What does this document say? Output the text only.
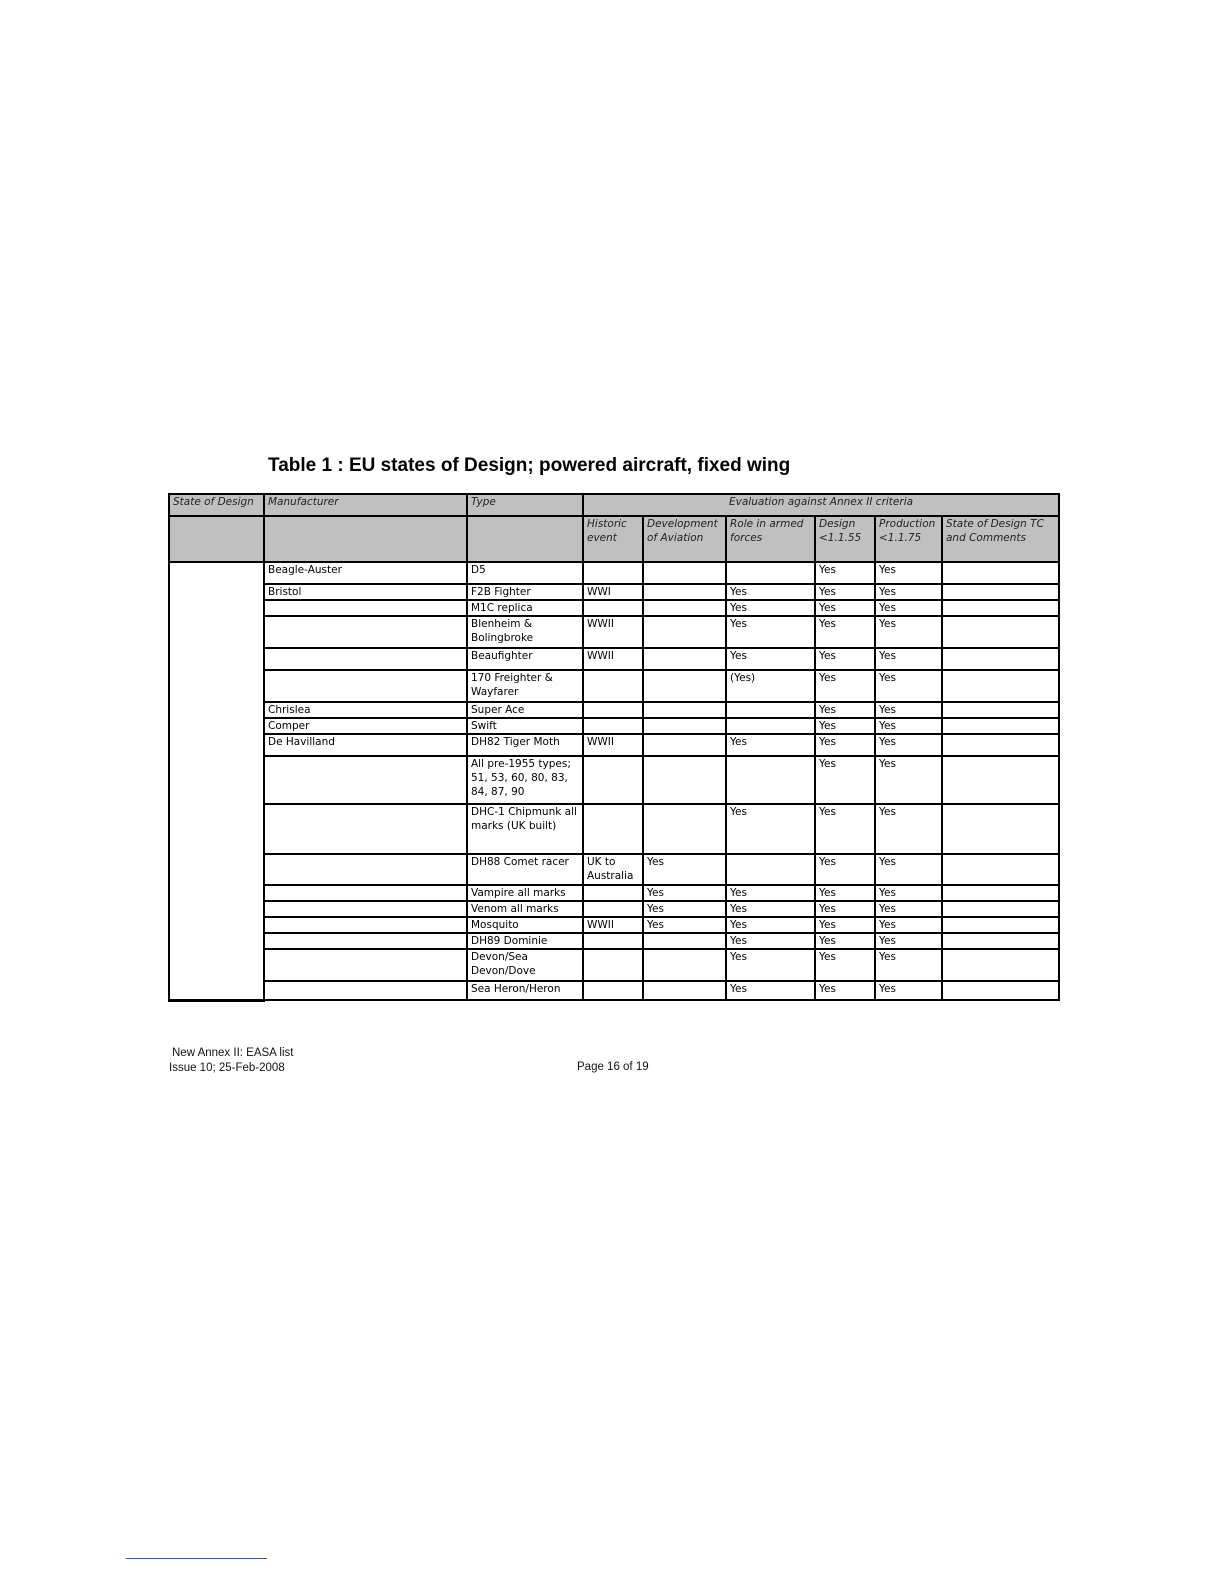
Table 1 : EU states of Design; powered aircraft, fixed wing
State of Design	Manufacturer	Type	Evaluation against Annex II criteria					
			Historic event	Development of Aviation	Role in armed forces	Design <1.1.55	Production <1.1.75	State of Design TC and Comments
	Beagle-Auster	D5				Yes	Yes	
	Bristol	F2B Fighter	WWI		Yes	Yes	Yes	
		M1C replica			Yes	Yes	Yes	
		Blenheim & Bolingbroke	WWII		Yes	Yes	Yes	
		Beaufighter	WWII		Yes	Yes	Yes	
		170 Freighter & Wayfarer			(Yes)	Yes	Yes	
	Chrislea	Super Ace				Yes	Yes	
	Comper	Swift				Yes	Yes	
	De Havilland	DH82 Tiger Moth	WWII		Yes	Yes	Yes	
		All pre-1955 types; 51, 53, 60, 80, 83, 84, 87, 90				Yes	Yes	
		DHC-1 Chipmunk all marks (UK built)			Yes	Yes	Yes	
		DH88 Comet racer	UK to Australia	Yes		Yes	Yes	
		Vampire all marks		Yes	Yes	Yes	Yes	
		Venom all marks		Yes	Yes	Yes	Yes	
		Mosquito	WWII	Yes	Yes	Yes	Yes	
		DH89 Dominie			Yes	Yes	Yes	
		Devon/Sea Devon/Dove			Yes	Yes	Yes	
		Sea Heron/Heron			Yes	Yes	Yes	
New Annex II: EASA list
Issue 10; 25-Feb-2008	Page 16 of 19
